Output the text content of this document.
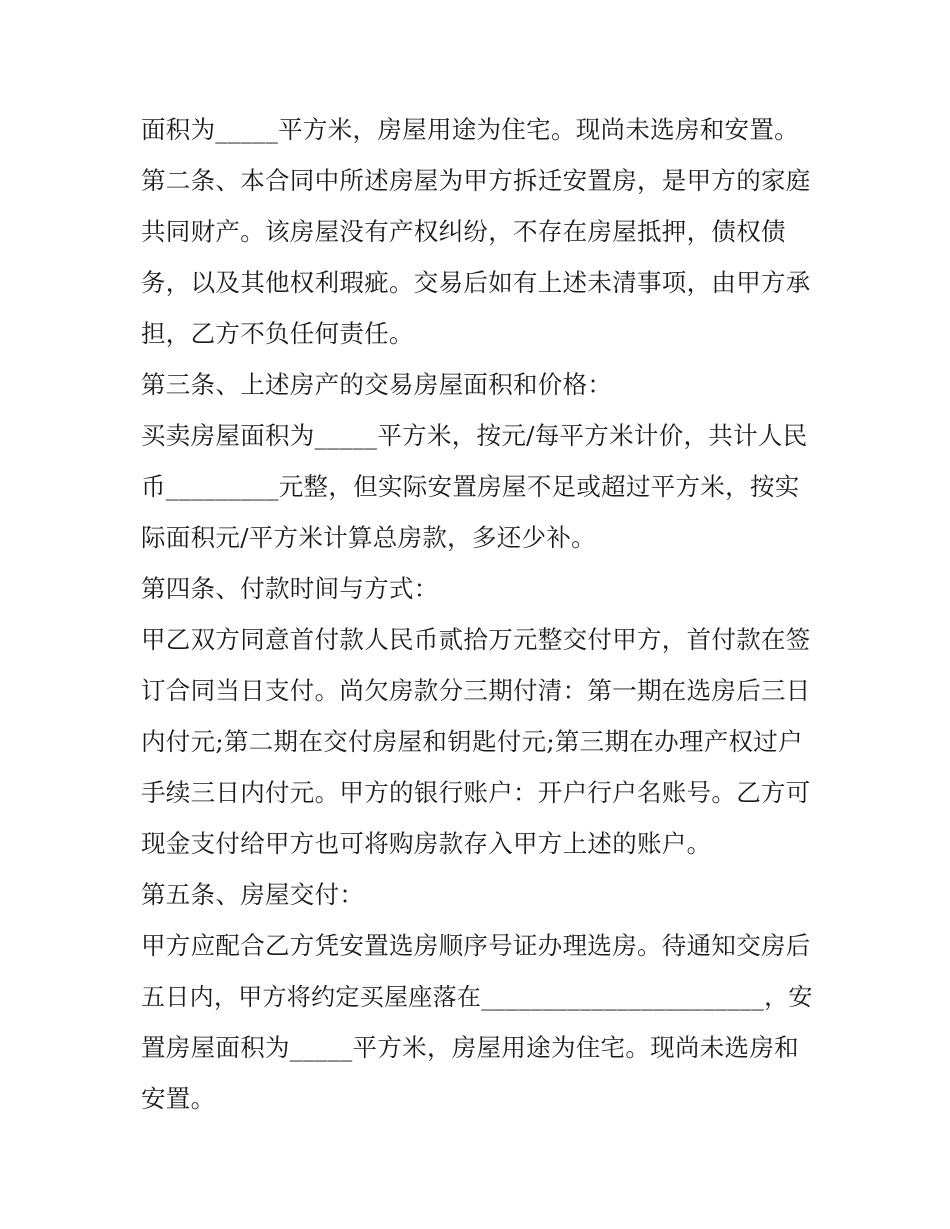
面积为_____平方米，房屋用途为住宅。现尚未选房和安置。

第二条、本合同中所述房屋为甲方拆迁安置房，是甲方的家庭

共同财产。该房屋没有产权纠纷，不存在房屋抵押，债权债

务，以及其他权利瑕疵。交易后如有上述未清事项，由甲方承

担，乙方不负任何责任。

第三条、上述房产的交易房屋面积和价格：

买卖房屋面积为_____平方米，按元/每平方米计价，共计人民

币_________元整，但实际安置房屋不足或超过平方米，按实

际面积元/平方米计算总房款，多还少补。

第四条、付款时间与方式：

甲乙双方同意首付款人民币贰拾万元整交付甲方，首付款在签

订合同当日支付。尚欠房款分三期付清：第一期在选房后三日

内付元;第二期在交付房屋和钥匙付元;第三期在办理产权过户

手续三日内付元。甲方的银行账户：开户行户名账号。乙方可

现金支付给甲方也可将购房款存入甲方上述的账户。

第五条、房屋交付：

甲方应配合乙方凭安置选房顺序号证办理选房。待通知交房后

五日内，甲方将约定买屋座落在_______________________，安

置房屋面积为_____平方米，房屋用途为住宅。现尚未选房和

安置。
